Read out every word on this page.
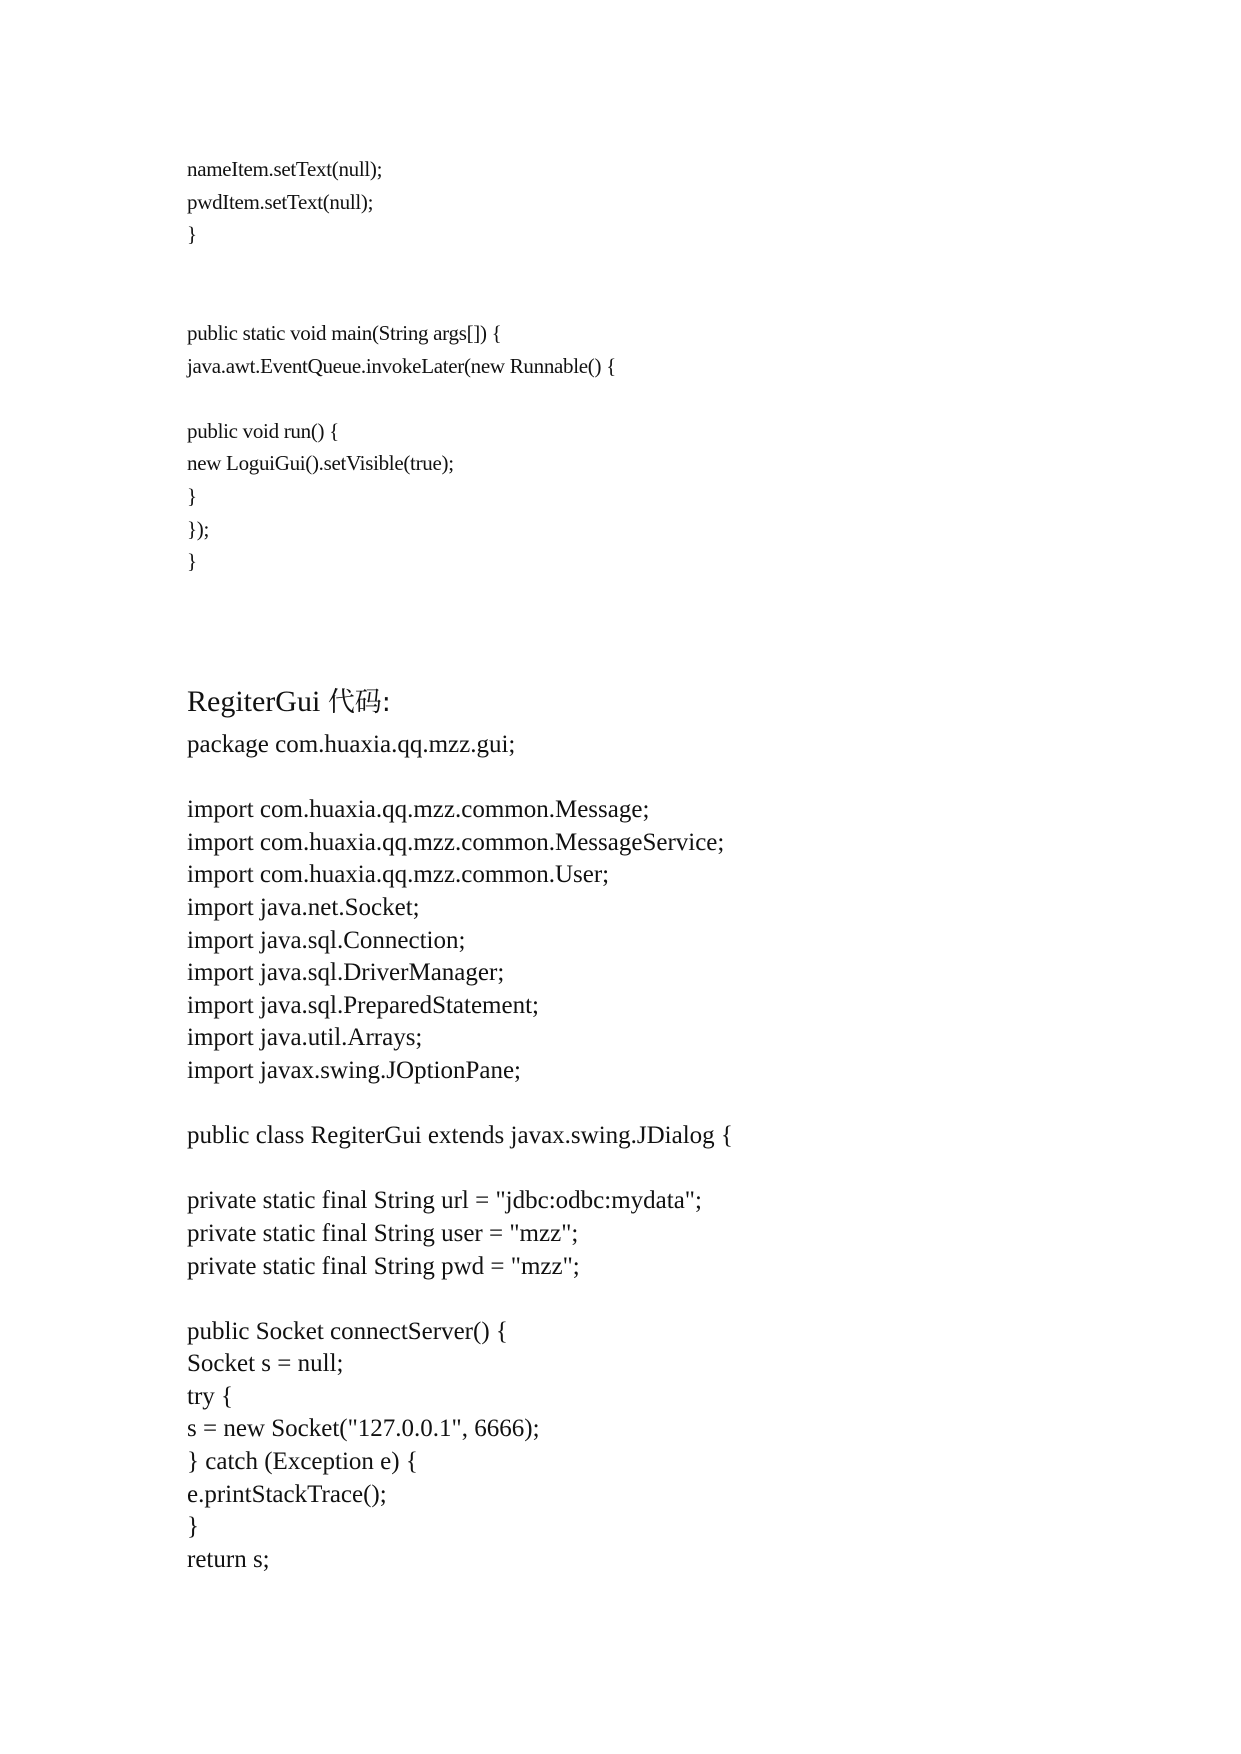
nameItem.setText(null);
pwdItem.setText(null);
}
public static void main(String args[]) {
java.awt.EventQueue.invokeLater(new Runnable() {
public void run() {
new LoguiGui().setVisible(true);
}
});
}
RegiterGui 代码:
package com.huaxia.qq.mzz.gui;
import com.huaxia.qq.mzz.common.Message;
import com.huaxia.qq.mzz.common.MessageService;
import com.huaxia.qq.mzz.common.User;
import java.net.Socket;
import java.sql.Connection;
import java.sql.DriverManager;
import java.sql.PreparedStatement;
import java.util.Arrays;
import javax.swing.JOptionPane;
public class RegiterGui extends javax.swing.JDialog {
private static final String url = "jdbc:odbc:mydata";
private static final String user = "mzz";
private static final String pwd = "mzz";
public Socket connectServer() {
Socket s = null;
try {
s = new Socket("127.0.0.1", 6666);
} catch (Exception e) {
e.printStackTrace();
}
return s;
